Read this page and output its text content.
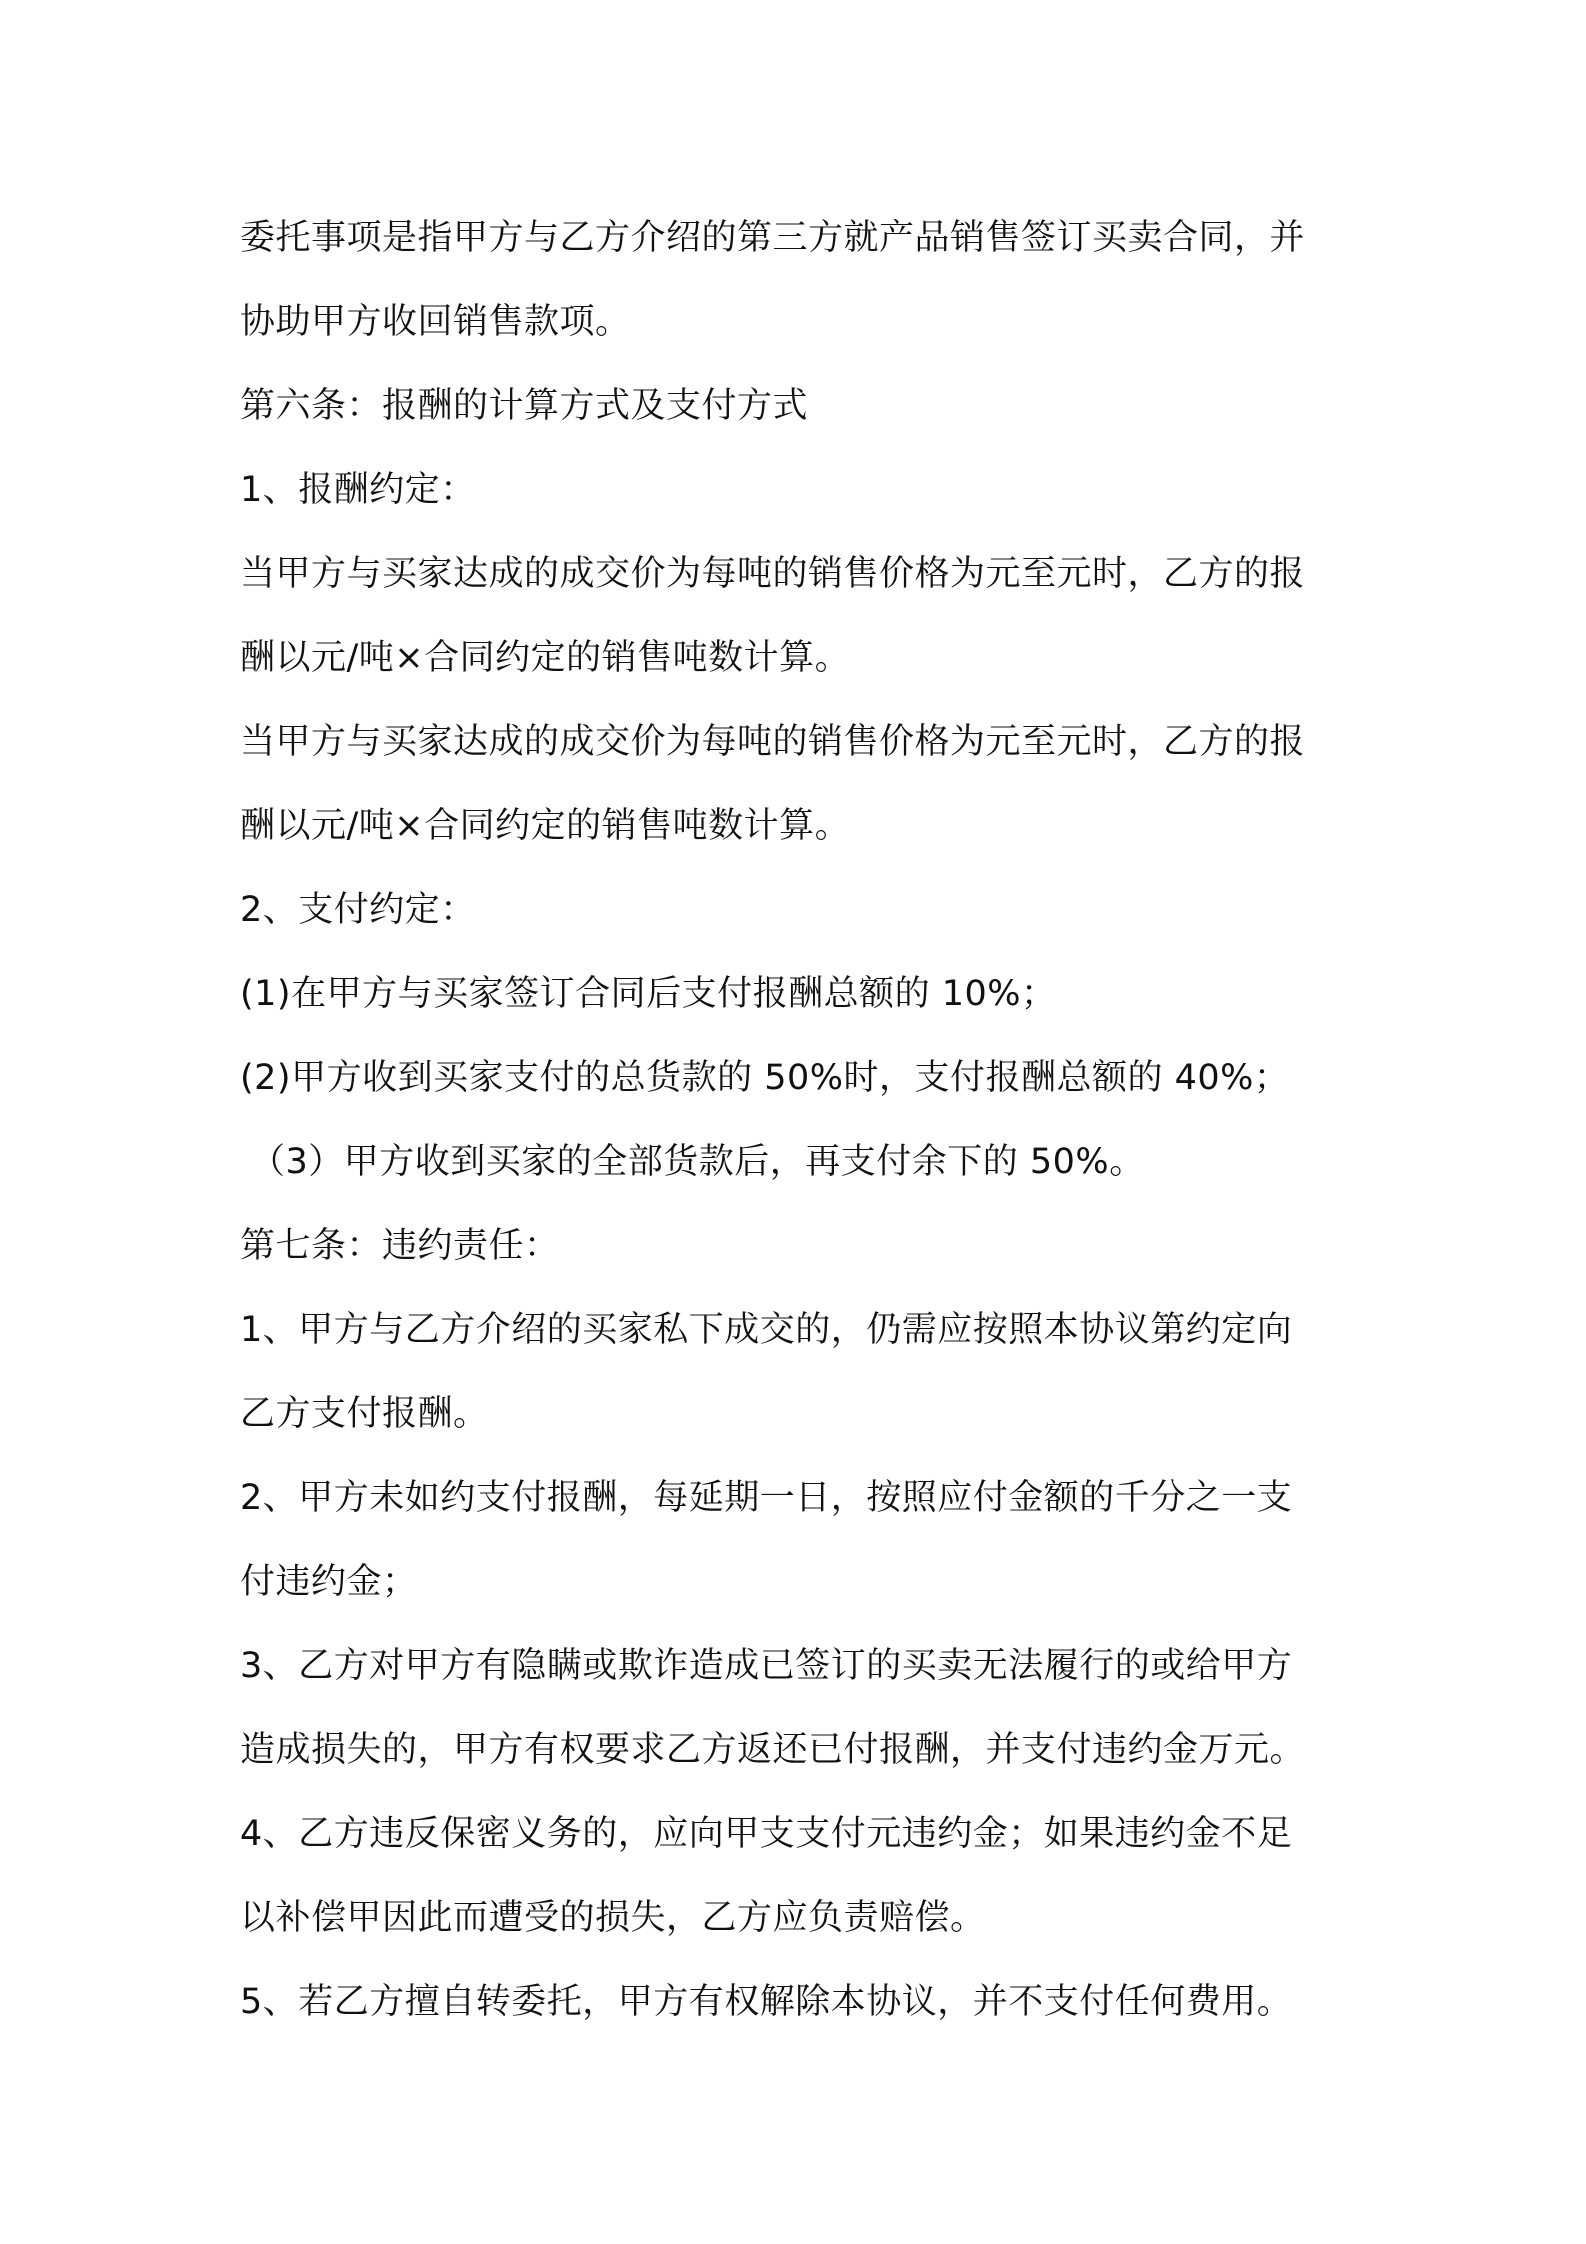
委托事项是指甲方与乙方介绍的第三方就产品销售签订买卖合同，并
协助甲方收回销售款项。
第六条：报酬的计算方式及支付方式
1、报酬约定：
当甲方与买家达成的成交价为每吨的销售价格为元至元时，乙方的报
酬以元/吨×合同约定的销售吨数计算。
当甲方与买家达成的成交价为每吨的销售价格为元至元时，乙方的报
酬以元/吨×合同约定的销售吨数计算。
2、支付约定：
(1)在甲方与买家签订合同后支付报酬总额的 10%；
(2)甲方收到买家支付的总货款的 50%时，支付报酬总额的 40%；
（3）甲方收到买家的全部货款后，再支付余下的 50%。
第七条：违约责任：
1、甲方与乙方介绍的买家私下成交的，仍需应按照本协议第约定向
乙方支付报酬。
2、甲方未如约支付报酬，每延期一日，按照应付金额的千分之一支
付违约金；
3、乙方对甲方有隐瞒或欺诈造成已签订的买卖无法履行的或给甲方
造成损失的，甲方有权要求乙方返还已付报酬，并支付违约金万元。
4、乙方违反保密义务的，应向甲支支付元违约金；如果违约金不足
以补偿甲因此而遭受的损失，乙方应负责赔偿。
5、若乙方擅自转委托，甲方有权解除本协议，并不支付任何费用。
